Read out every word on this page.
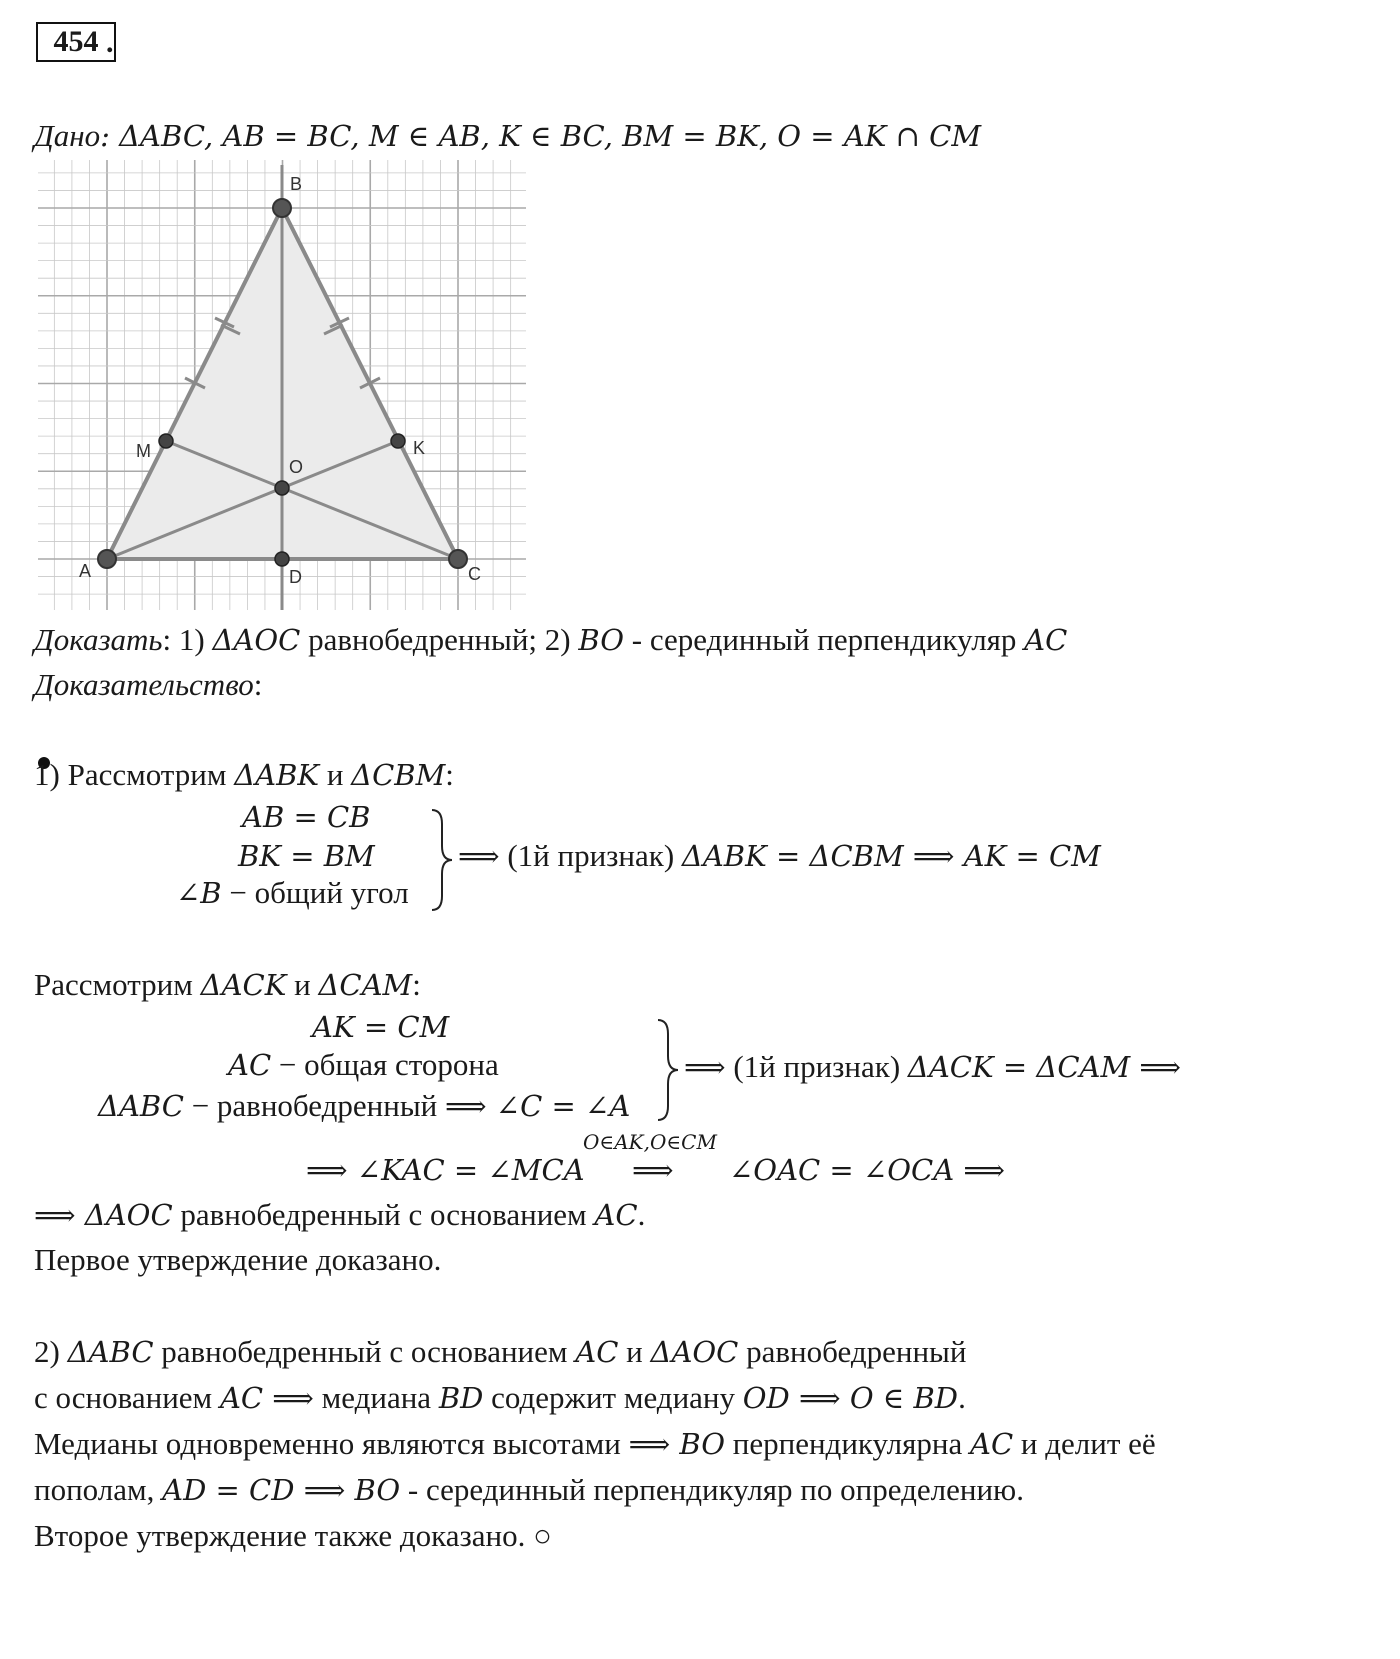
454 .
Дано: ΔABC, AB = BC, M ∈ AB, K ∈ BC, BM = BK, O = AK ∩ CM
B
M	K
O
A	D	C
Доказать: 1) ΔAOC равнобедренный; 2) BO - серединный перпендикуляр AC
Доказательство:
1) Рассмотрим ΔABK и ΔCBM:
AB = CB
BK = BM
∠B − общий угол
⟹ (1й признак) ΔABK = ΔCBM ⟹ AK = CM
Рассмотрим ΔACK и ΔCAM:
AK = CM
AC − общая сторона
ΔABC − равнобедренный ⟹ ∠C = ∠A
⟹ (1й признак) ΔACK = ΔCAM ⟹
⟹ ∠KAC = ∠MCA
O∈AK,O∈CM
⟹ ∠OAC = ∠OCA ⟹
⟹ ΔAOC равнобедренный с основанием AC.
Первое утверждение доказано.
2) ΔABC равнобедренный с основанием AC и ΔAOC равнобедренный
с основанием AC ⟹ медиана BD содержит медиану OD ⟹ O ∈ BD.
Медианы одновременно являются высотами ⟹ BO перпендикулярна AC и делит её
пополам, AD = CD ⟹ BO - серединный перпендикуляр по определению.
Второе утверждение также доказано. ○
